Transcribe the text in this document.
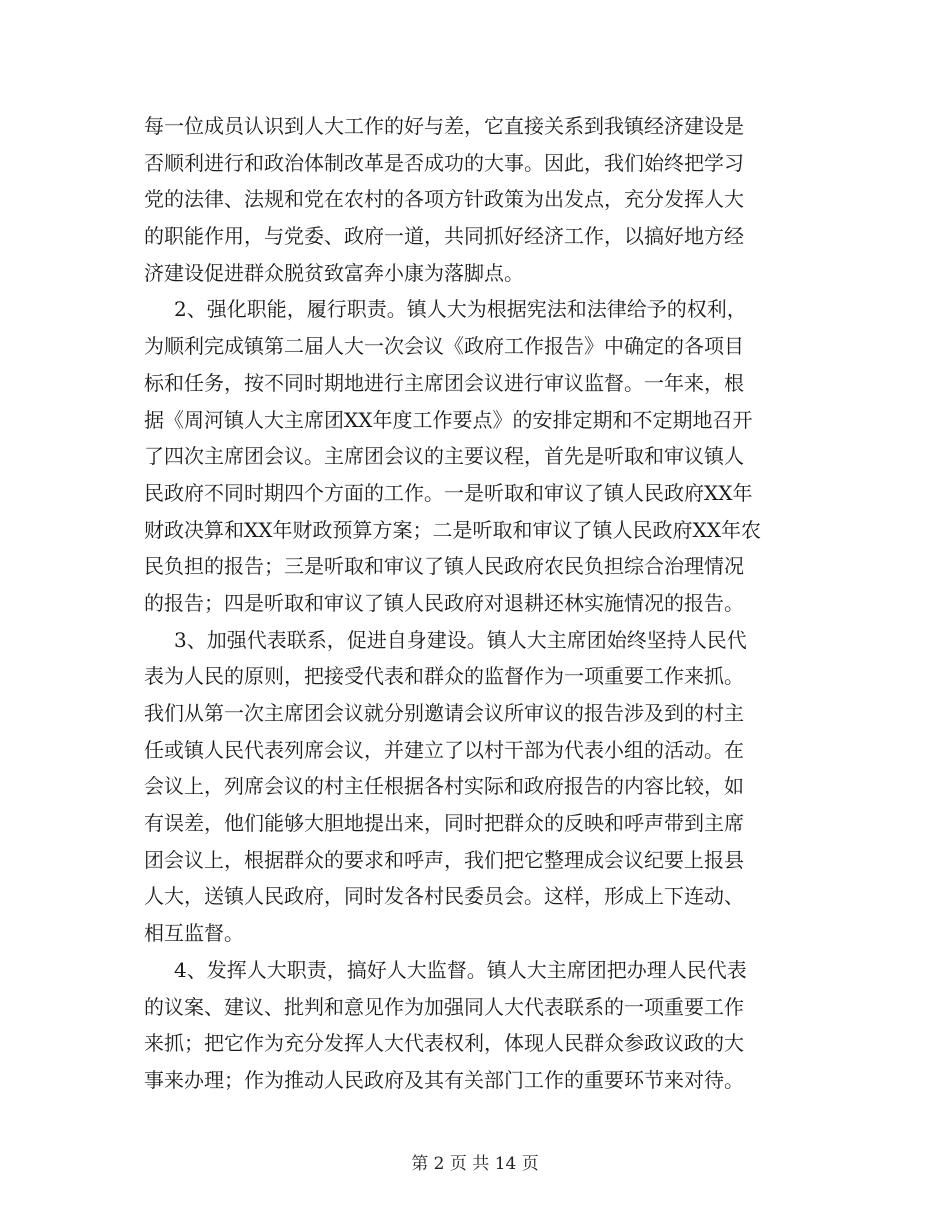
每一位成员认识到人大工作的好与差，它直接关系到我镇经济建设是
否顺利进行和政治体制改革是否成功的大事。因此，我们始终把学习
党的法律、法规和党在农村的各项方针政策为出发点，充分发挥人大
的职能作用，与党委、政府一道，共同抓好经济工作，以搞好地方经
济建设促进群众脱贫致富奔小康为落脚点。
2、强化职能，履行职责。镇人大为根据宪法和法律给予的权利，
为顺利完成镇第二届人大一次会议《政府工作报告》中确定的各项目
标和任务，按不同时期地进行主席团会议进行审议监督。一年来，根
据《周河镇人大主席团XX年度工作要点》的安排定期和不定期地召开
了四次主席团会议。主席团会议的主要议程，首先是听取和审议镇人
民政府不同时期四个方面的工作。一是听取和审议了镇人民政府XX年
财政决算和XX年财政预算方案；二是听取和审议了镇人民政府XX年农
民负担的报告；三是听取和审议了镇人民政府农民负担综合治理情况
的报告；四是听取和审议了镇人民政府对退耕还林实施情况的报告。
3、加强代表联系，促进自身建设。镇人大主席团始终坚持人民代
表为人民的原则，把接受代表和群众的监督作为一项重要工作来抓。
我们从第一次主席团会议就分别邀请会议所审议的报告涉及到的村主
任或镇人民代表列席会议，并建立了以村干部为代表小组的活动。在
会议上，列席会议的村主任根据各村实际和政府报告的内容比较，如
有误差，他们能够大胆地提出来，同时把群众的反映和呼声带到主席
团会议上，根据群众的要求和呼声，我们把它整理成会议纪要上报县
人大，送镇人民政府，同时发各村民委员会。这样，形成上下连动、
相互监督。
4、发挥人大职责，搞好人大监督。镇人大主席团把办理人民代表
的议案、建议、批判和意见作为加强同人大代表联系的一项重要工作
来抓；把它作为充分发挥人大代表权利，体现人民群众参政议政的大
事来办理；作为推动人民政府及其有关部门工作的重要环节来对待。
第 2 页 共 14 页
